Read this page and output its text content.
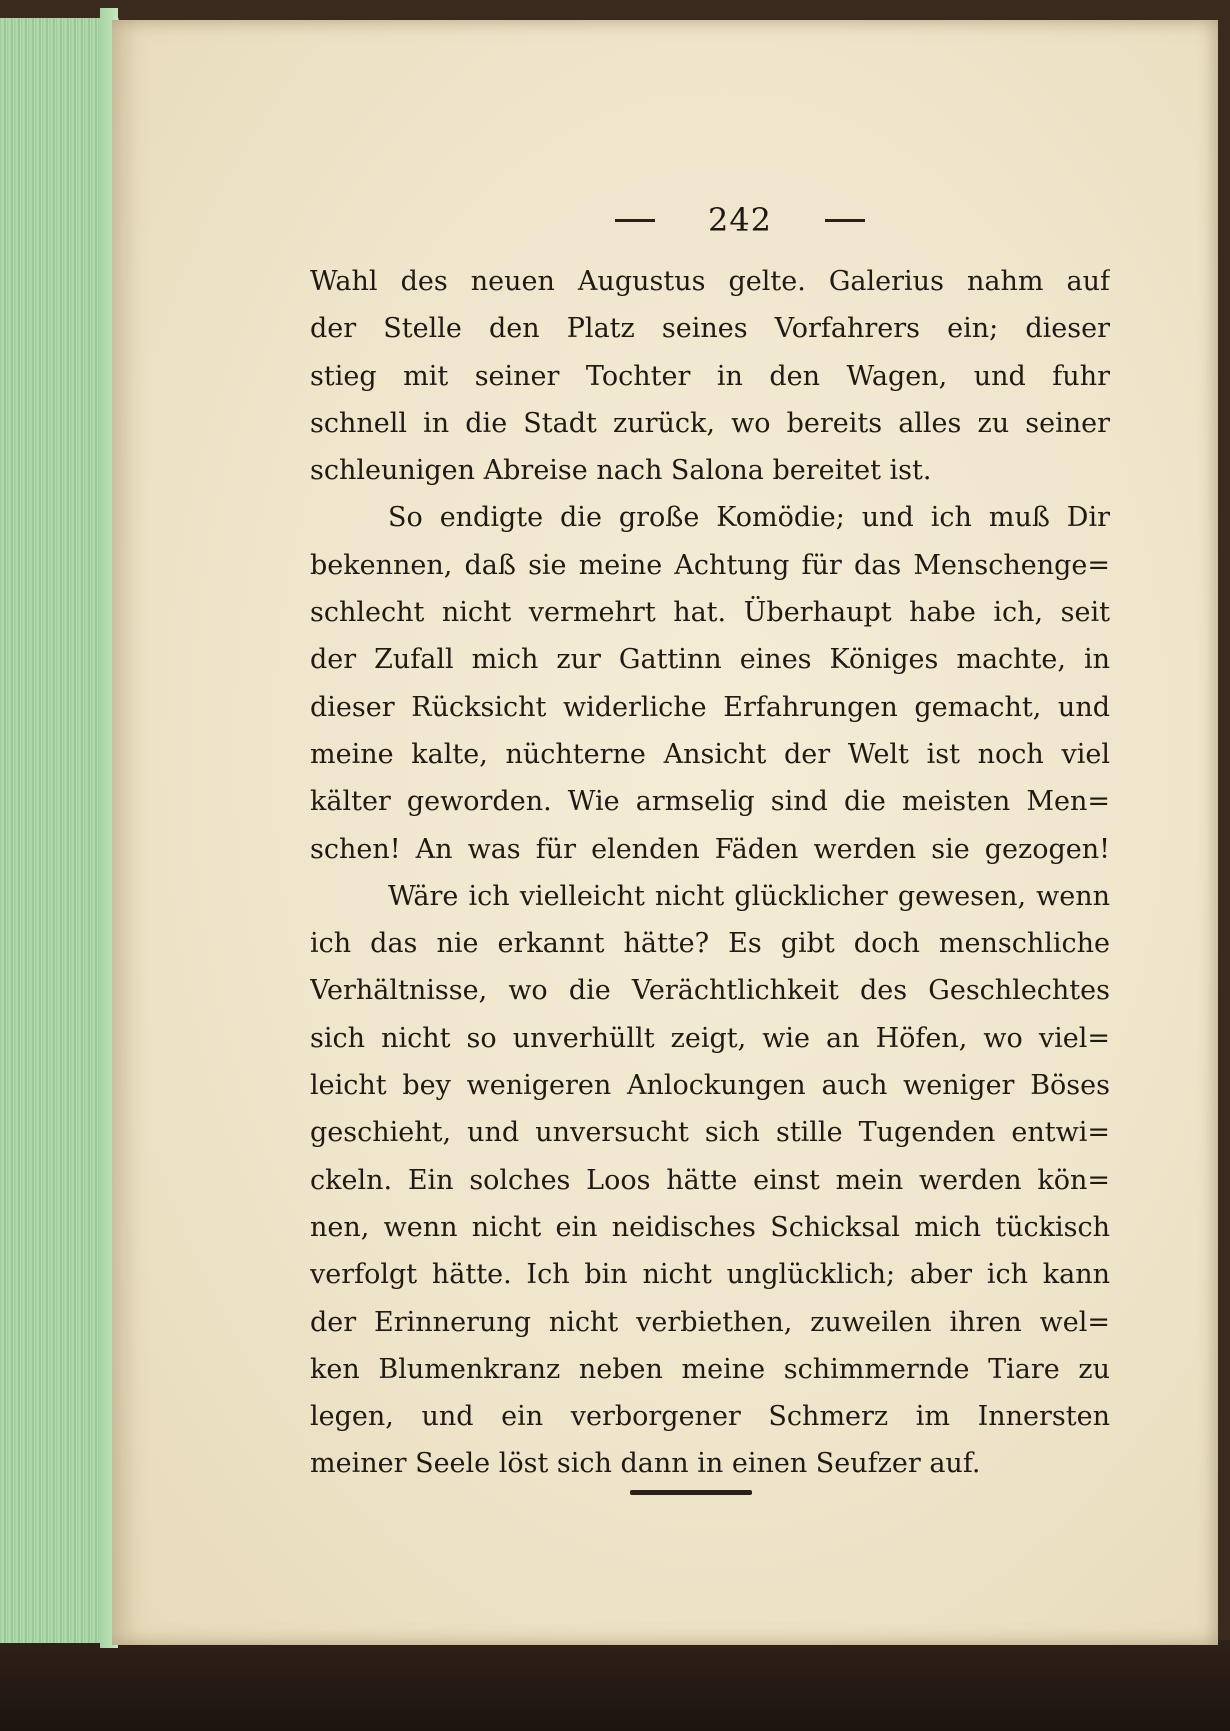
242
Wahl des neuen Augustus gelte. Galerius nahm auf
der Stelle den Platz seines Vorfahrers ein; dieser
stieg mit seiner Tochter in den Wagen, und fuhr
schnell in die Stadt zurück, wo bereits alles zu seiner
schleunigen Abreise nach Salona bereitet ist.
So endigte die große Komödie; und ich muß Dir
bekennen, daß sie meine Achtung für das Menschenge=
schlecht nicht vermehrt hat. Überhaupt habe ich, seit
der Zufall mich zur Gattinn eines Königes machte, in
dieser Rücksicht widerliche Erfahrungen gemacht, und
meine kalte, nüchterne Ansicht der Welt ist noch viel
kälter geworden. Wie armselig sind die meisten Men=
schen! An was für elenden Fäden werden sie gezogen!
Wäre ich vielleicht nicht glücklicher gewesen, wenn
ich das nie erkannt hätte? Es gibt doch menschliche
Verhältnisse, wo die Verächtlichkeit des Geschlechtes
sich nicht so unverhüllt zeigt, wie an Höfen, wo viel=
leicht bey wenigeren Anlockungen auch weniger Böses
geschieht, und unversucht sich stille Tugenden entwi=
ckeln. Ein solches Loos hätte einst mein werden kön=
nen, wenn nicht ein neidisches Schicksal mich tückisch
verfolgt hätte. Ich bin nicht unglücklich; aber ich kann
der Erinnerung nicht verbiethen, zuweilen ihren wel=
ken Blumenkranz neben meine schimmernde Tiare zu
legen, und ein verborgener Schmerz im Innersten
meiner Seele löst sich dann in einen Seufzer auf.
